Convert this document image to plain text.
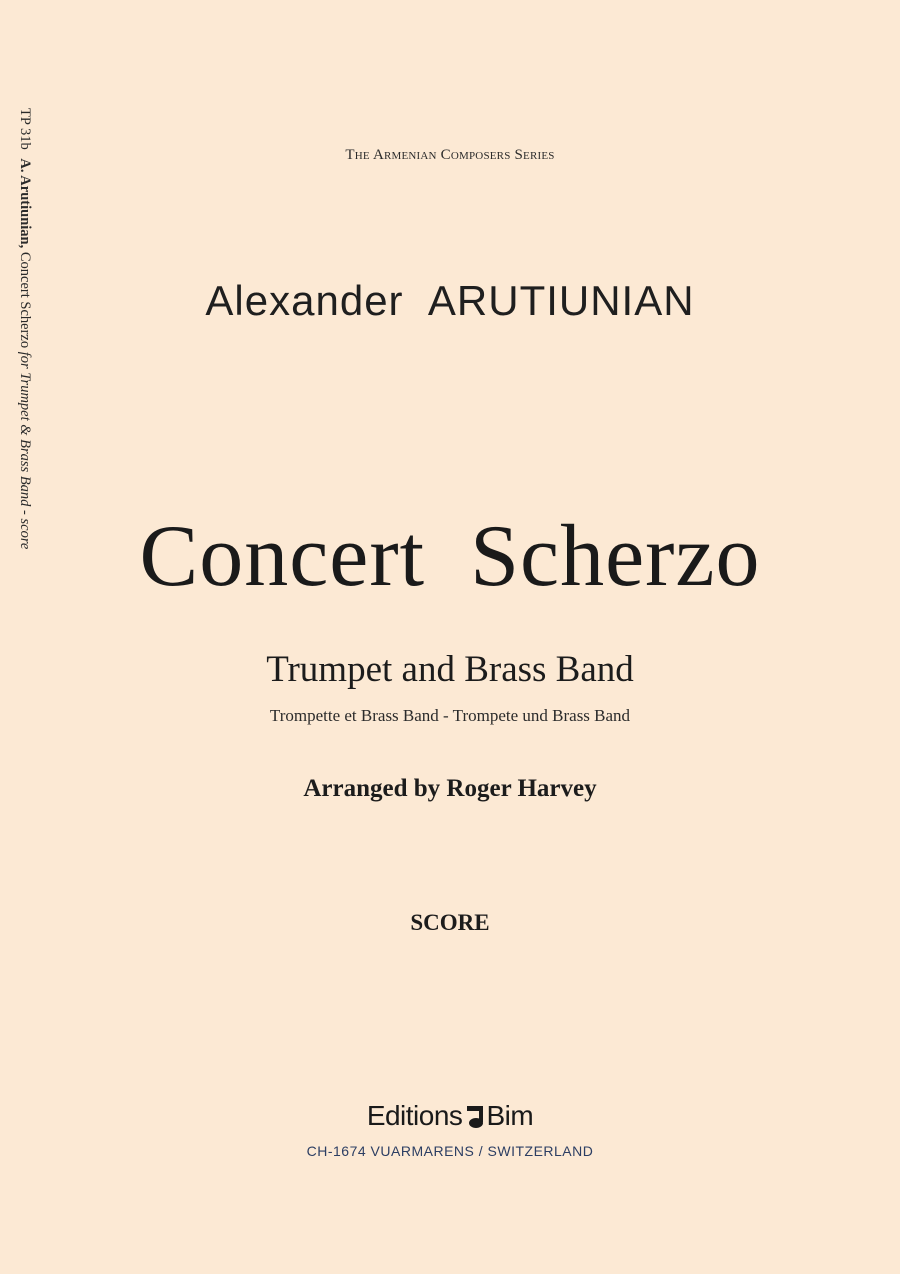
TP 31b A. Arutiunian, Concert Scherzo for Trumpet & Brass Band - score
The Armenian Composers Series
Alexander ARUTIUNIAN
Concert Scherzo
Trumpet and Brass Band
Trompette et Brass Band - Trompete und Brass Band
Arranged by Roger Harvey
SCORE
Editions Bim
CH-1674 VUARMARENS / SWITZERLAND
